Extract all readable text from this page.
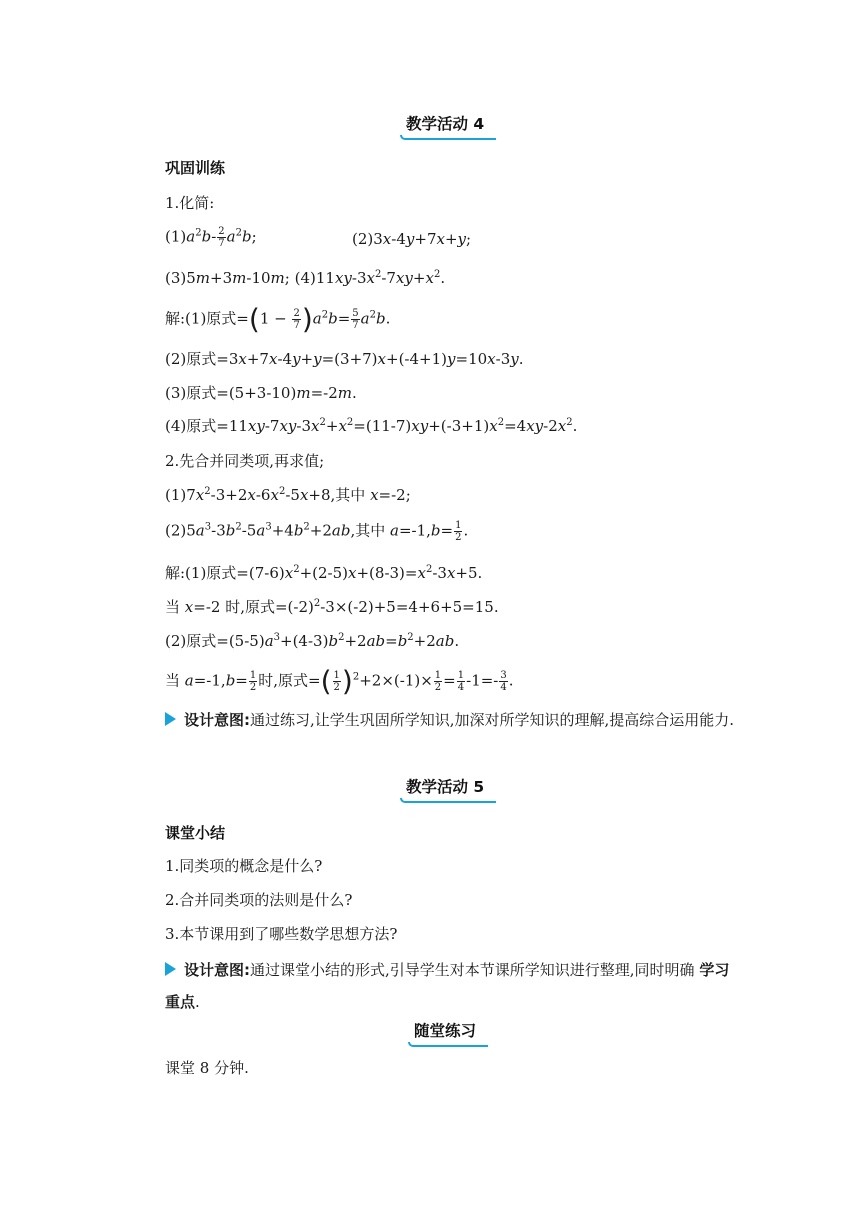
教学活动 4
巩固训练
1.化简:
$(1)a^2b- \frac{2}{7} a^2b$;	(2)3x-4y+7x+y;
(3)5m+3m-10m; $(4)11xy-3x^2-7xy+x^2$.
解:(1)原式$=(1 - \frac{2}{7} )a^2b= \frac{5}{7} a^2b$.
(2)原式=3x+7x-4y+y=(3+7)x+(-4+1)y=10x-3y.
(3)原式=(5+3-10)m=-2m.
(4)原式$=11xy-7xy-3x^2+x^2=(11-7)xy+(-3+1)x^2=4xy-2x^2$.
2.先合并同类项,再求值;
$(1)7x^2-3+2x-6x^2-5x+8$,其中 x=-2;
$(2)5a^3-3b^2-5a^3+4b^2+2ab$,其中 $a=-1,b= \frac{1}{2}$ .
解:(1)原式$=(7-6)x^2+(2-5)x+(8-3)=x^2-3x+5$.
当 x=-2 时,原式$=(-2)^2-3\times(-2)+5=4+6+5=15$.
(2)原式$=(5-5)a^3+(4-3)b^2+2ab=b^2+2ab$.
当 $a=-1,b= \frac{1}{2}$ 时,原式=( $\frac{1}{2} )^2+2\times(-1)\times \frac{1}{2} = \frac{1}{4} -1=- \frac{3}{4}$ .
设计意图:通过练习,让学生巩固所学知识,加深对所学知识的理解,提高综合运用能力.
教学活动 5
课堂小结
1.同类项的概念是什么?
2.合并同类项的法则是什么?
3.本节课用到了哪些数学思想方法?
设计意图:通过课堂小结的形式,引导学生对本节课所学知识进行整理,同时明确 学习重点.
随堂练习
课堂 8 分钟.
